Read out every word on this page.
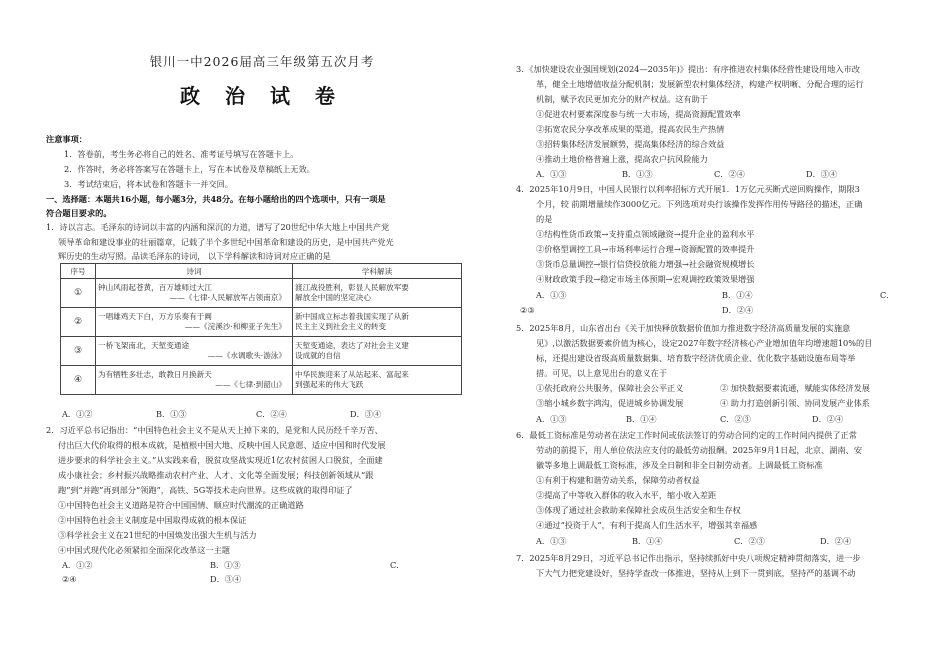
银川一中2026届高三年级第五次月考
政 治 试 卷
注意事项：
1．答卷前，考生务必将自己的姓名、准考证号填写在答题卡上。
2．作答时，务必将答案写在答题卡上，写在本试卷及草稿纸上无效。
3．考试结束后，将本试卷和答题卡一并交回。
一、选择题：本题共16小题，每小题3分，共48分。在每小题给出的四个选项中，只有一项是
符合题目要求的。
1．诗以言志。毛泽东的诗词以丰富的内涵和深沉的力道，谱写了20世纪中华大地上中国共产党
领导革命和建设事业的壮丽篇章，记载了半个多世纪中国革命和建设的历史，是中国共产党光
辉历史的生动写照。品读毛泽东的诗词， 以下学科解读和诗词对应正确的是
序号	诗词	学科解读
①	钟山风雨起苍黄，百万雄师过大江
——《七律·人民解放军占领南京》	渡江战役胜利，彰显人民解放军要
解放全中国的坚定决心

②	一唱雄鸡天下白，万方乐奏有于阗
——《浣溪沙·和柳亚子先生》	新中国成立标志着我国实现了从新
民主主义到社会主义的转变

③	一桥飞架南北，天堑变通途
——《水调歌头·游泳》	天堑变通途，表达了对社会主义建
设成就的自信

④	为有牺牲多壮志，敢教日月换新天
——《七律·到韶山》	中华民族迎来了从站起来、富起来
到强起来的伟大飞跃
A．①②	B．①③	C．②④	D．③④
2．习近平总书记指出：“中国特色社会主义不是从天上掉下来的，是党和人民历经千辛万苦、
付出巨大代价取得的根本成就，是植根中国大地、反映中国人民意愿、适应中国和时代发展
进步要求的科学社会主义。”从实践来看，脱贫攻坚战实现近1亿农村贫困人口脱贫，全面建
成小康社会；乡村振兴战略推动农村产业、人才、文化等全面发展；科技创新领域从“跟
跑”到“并跑”再到部分“领跑”，高铁、5G等技术走向世界。这些成就的取得印证了
①中国特色社会主义道路是符合中国国情、顺应时代潮流的正确道路
②中国特色社会主义制度是中国取得成就的根本保证
③科学社会主义在21世纪的中国焕发出强大生机与活力
④中国式现代化必须紧扣全面深化改革这一主题
A．①②	B．①③	C．
②④	D．③④
3．《加快建设农业强国规划(2024—2035年)》提出：有序推进农村集体经营性建设用地入市改
革，健全土地增值收益分配机制；发展新型农村集体经济，构建产权明晰、分配合理的运行
机制，赋予农民更加充分的财产权益。这有助于
①促进农村要素深度参与统一大市场，提高资源配置效率
②拓宽农民分享改革成果的渠道，提高农民生产热情
③招转集体经济发展额势，提高集体经济的综合效益
④推动土地价格普遍上涨，提高农户抗风险能力
A．①③	B．①③	C．②④	D．③④
4．2025年10月9日，中国人民银行以利率招标方式开展1．1万亿元买断式逆回购操作，期限3
个月，较 前期增量续作3000亿元。下列选项对央行该操作发挥作用传导路径的描述，正确
的是
①结构性货币政策→支持重点领域融资→提升企业的盈利水平
②价格型调控工具→市场利率运行合理→资源配置的效率提升
③货币总量调控→银行信贷投放能力增强→社会融资规模增长
④财政政策手段→稳定市场主体预期→宏观调控政策效果增强
A．①③	B．①④	C．
②③	D．②④
5．2025年8月，山东省出台《关于加快释放数据价值加力推进数字经济高质量发展的实施意
见》,以激活数据要素价值为核心，设定2027年数字经济核心产业增加值年均增速超10%的目
标，还提出建设省级高质量数据集、培育数字经济优质企业、优化数字基础设施布局等举
措。可见，以上意见出台的意义在于
①依托政府公共服务，保障社会公平正义	② 加快数据要素流通，赋能实体经济发展
③缩小城乡数字鸿沟，促进城乡协调发展	④ 助力打造创新引领、协同发展产业体系
A．①③	B．①④	C．②③	D．②④
6．最低工资标准是劳动者在法定工作时间或依法签订的劳动合同约定的工作时间内提供了正常
劳动的前提下，用人单位依法应支付的最低劳动报酬。2025年9月1日起，北京、湖南、安
徽等多地上调最低工资标准，涉及全日制和非全日制劳动者。上调最低工资标准
①有利于构建和谐劳动关系，保障劳动者权益
②提高了中等收入群体的收入水平，缩小收入差距
③体现了通过社会救助来保障社会成员生活安全和生存权
④通过“投资于人”，有利于提高人们生活水平，增强其幸福感
A．①③	B．①④	C．②③	D．②④
7．2025年8月29日，习近平总书记作出指示，坚持续抓好中央八项规定精神贯彻落实，进一步
下大气力把党建设好，坚持学查改一体推进，坚持从上到下一贯到底，坚持严的基调不动
